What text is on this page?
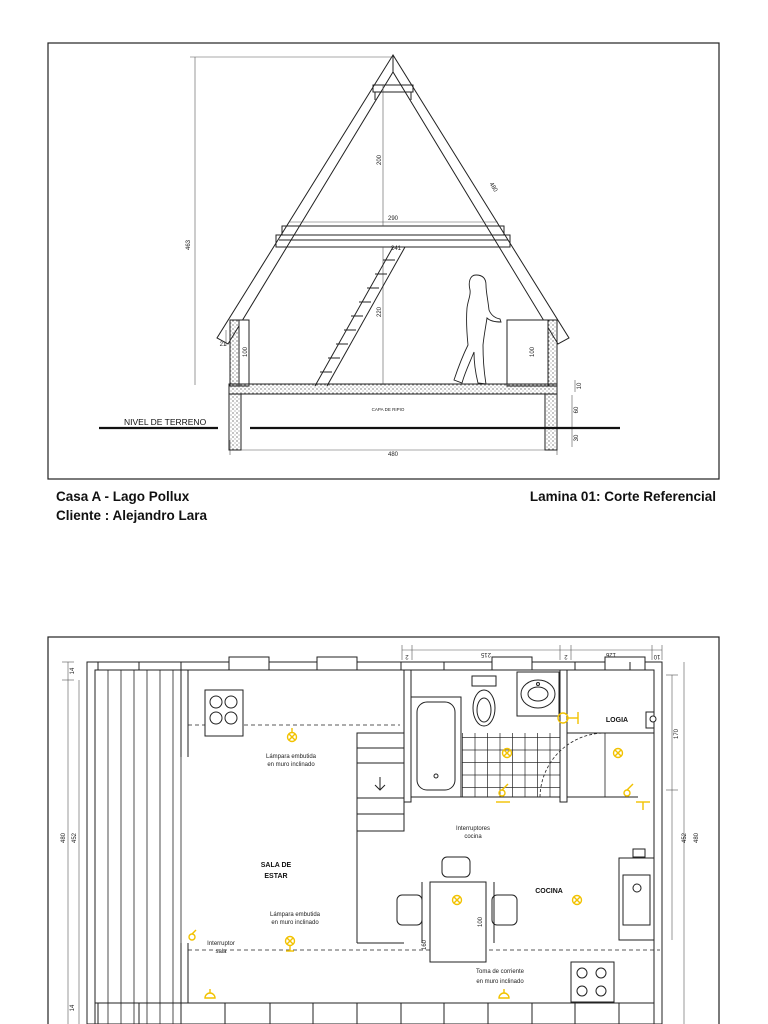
463
200
480
290
241
220
21
100	100
10
60
30
480
NIVEL DE TERRENO
CAPA DE RIPIO
2	215	2	126	10
14
480 452
14
170
452 480
100
160
LOGIA
SALA DE
ESTAR
COCINA
Lámpara embutida
en muro inclinado
Interruptores
cocina
Lámpara embutida
en muro inclinado
Interruptor
sala
Toma de corriente
en muro inclinado
Casa A - Lago Pollux
Cliente : Alejandro Lara
Lamina 01: Corte Referencial
